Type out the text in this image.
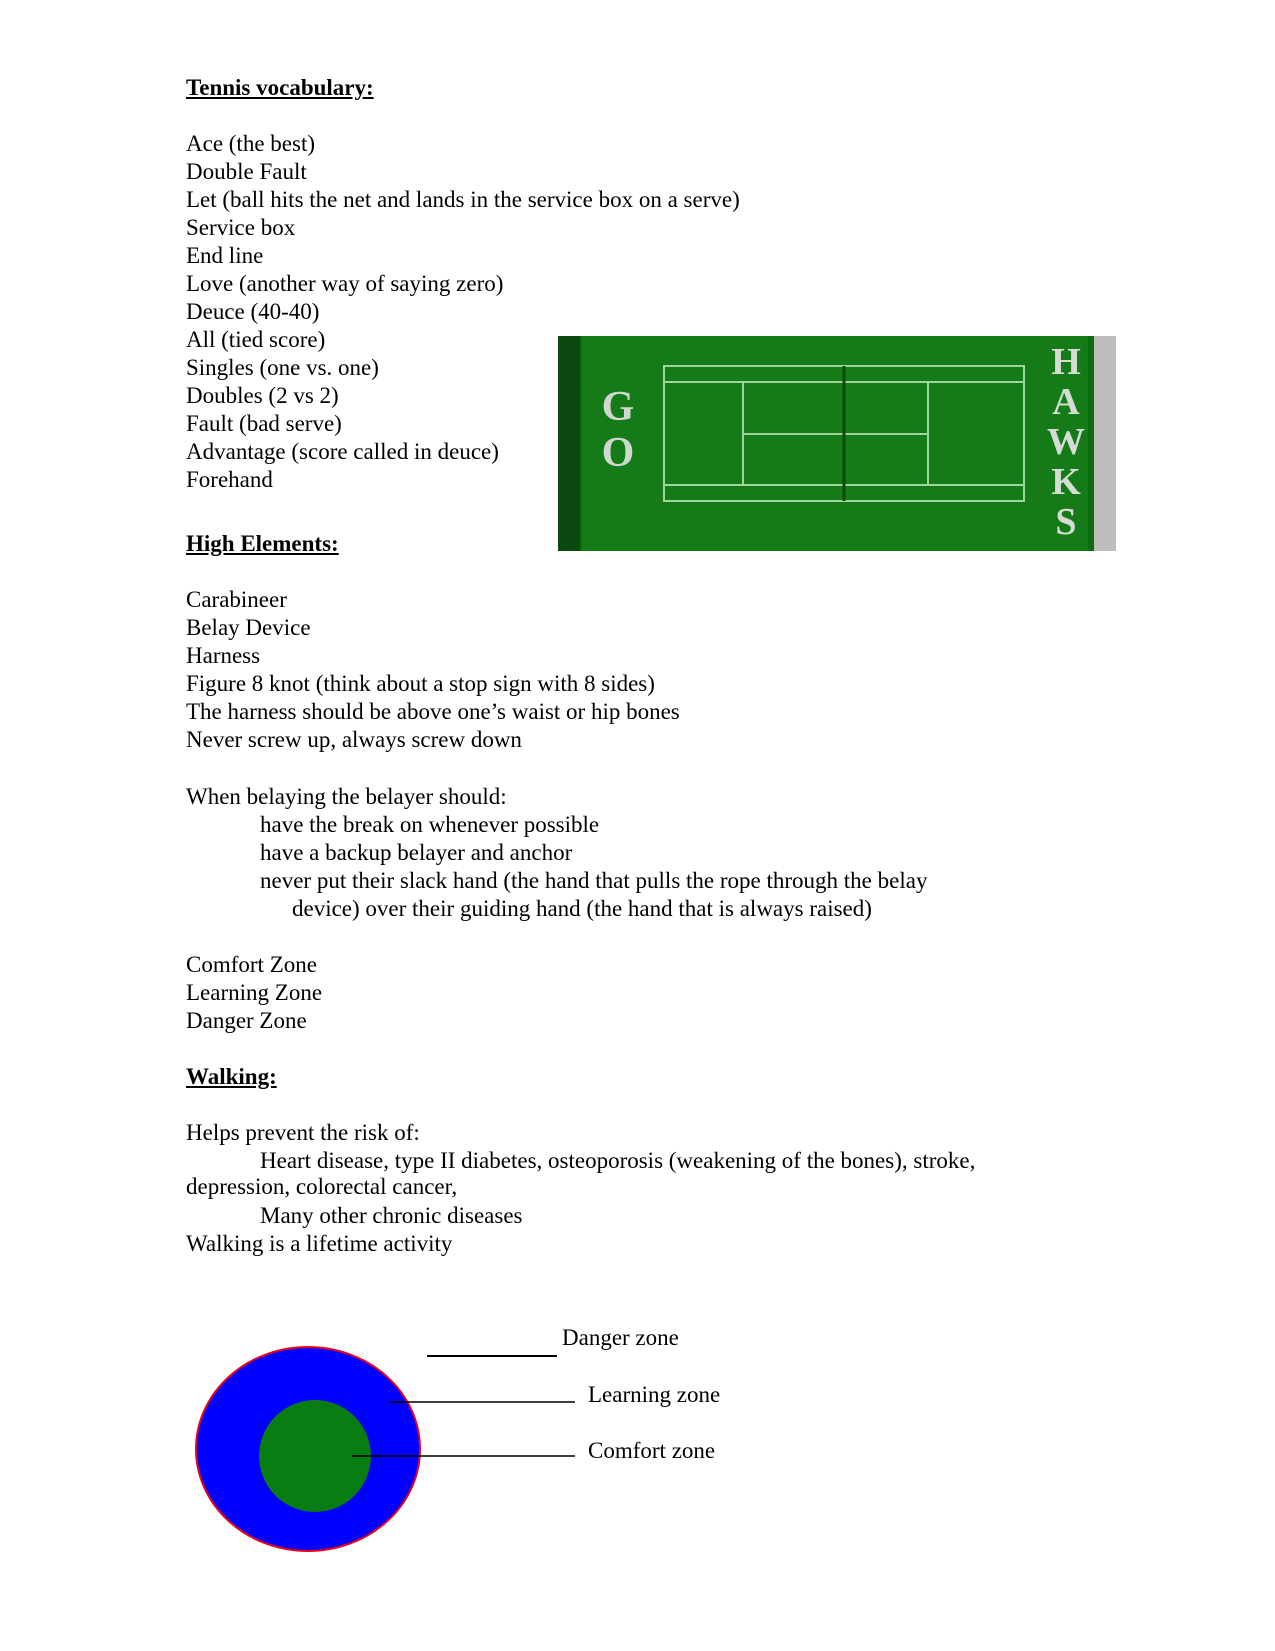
Tennis vocabulary:
Ace (the best)
Double Fault
Let (ball hits the net and lands in the service box on a serve)
Service box
End line
Love (another way of saying zero)
Deuce (40-40)
All (tied score)
Singles (one vs. one)
Doubles (2 vs 2)
Fault (bad serve)
Advantage (score called in deuce)
Forehand
G
O
H
A
W
K
S
High Elements:
Carabineer
Belay Device
Harness
Figure 8 knot (think about a stop sign with 8 sides)
The harness should be above one’s waist or hip bones
Never screw up, always screw down
When belaying the belayer should:
have the break on whenever possible
have a backup belayer and anchor
never put their slack hand (the hand that pulls the rope through the belay
device) over their guiding hand (the hand that is always raised)
Comfort Zone
Learning Zone
Danger Zone
Walking:
Helps prevent the risk of:
Heart disease, type II diabetes, osteoporosis (weakening of the bones), stroke,
depression, colorectal cancer,
Many other chronic diseases
Walking is a lifetime activity
Danger zone
Learning zone
Comfort zone
